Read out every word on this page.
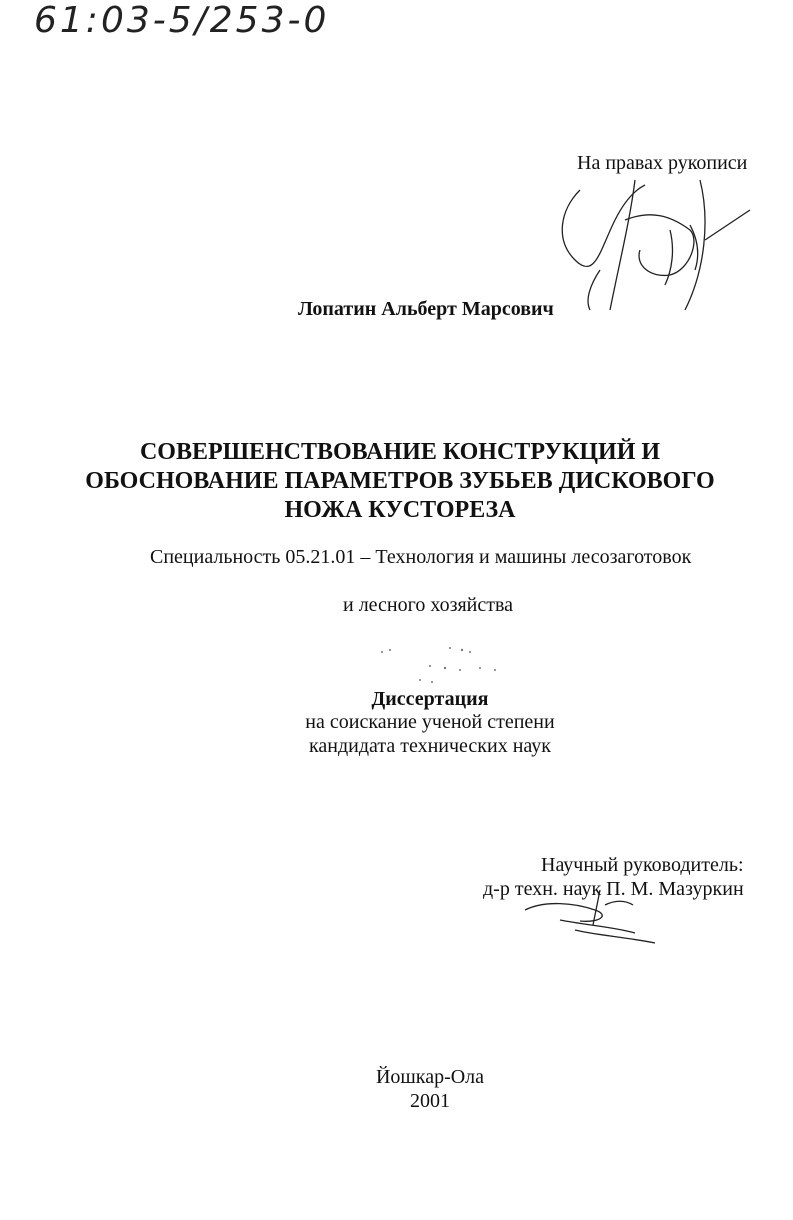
61:03-5/253-0
На правах рукописи
Лопатин Альберт Марсович
СОВЕРШЕНСТВОВАНИЕ КОНСТРУКЦИЙ И
ОБОСНОВАНИЕ ПАРАМЕТРОВ ЗУБЬЕВ ДИСКОВОГО
НОЖА КУСТОРЕЗА
Специальность 05.21.01 – Технология и машины лесозаготовок
и лесного хозяйства
Диссертация
на соискание ученой степени
кандидата технических наук
Научный руководитель:
д-р техн. наук П. М. Мазуркин
Йошкар-Ола
2001
